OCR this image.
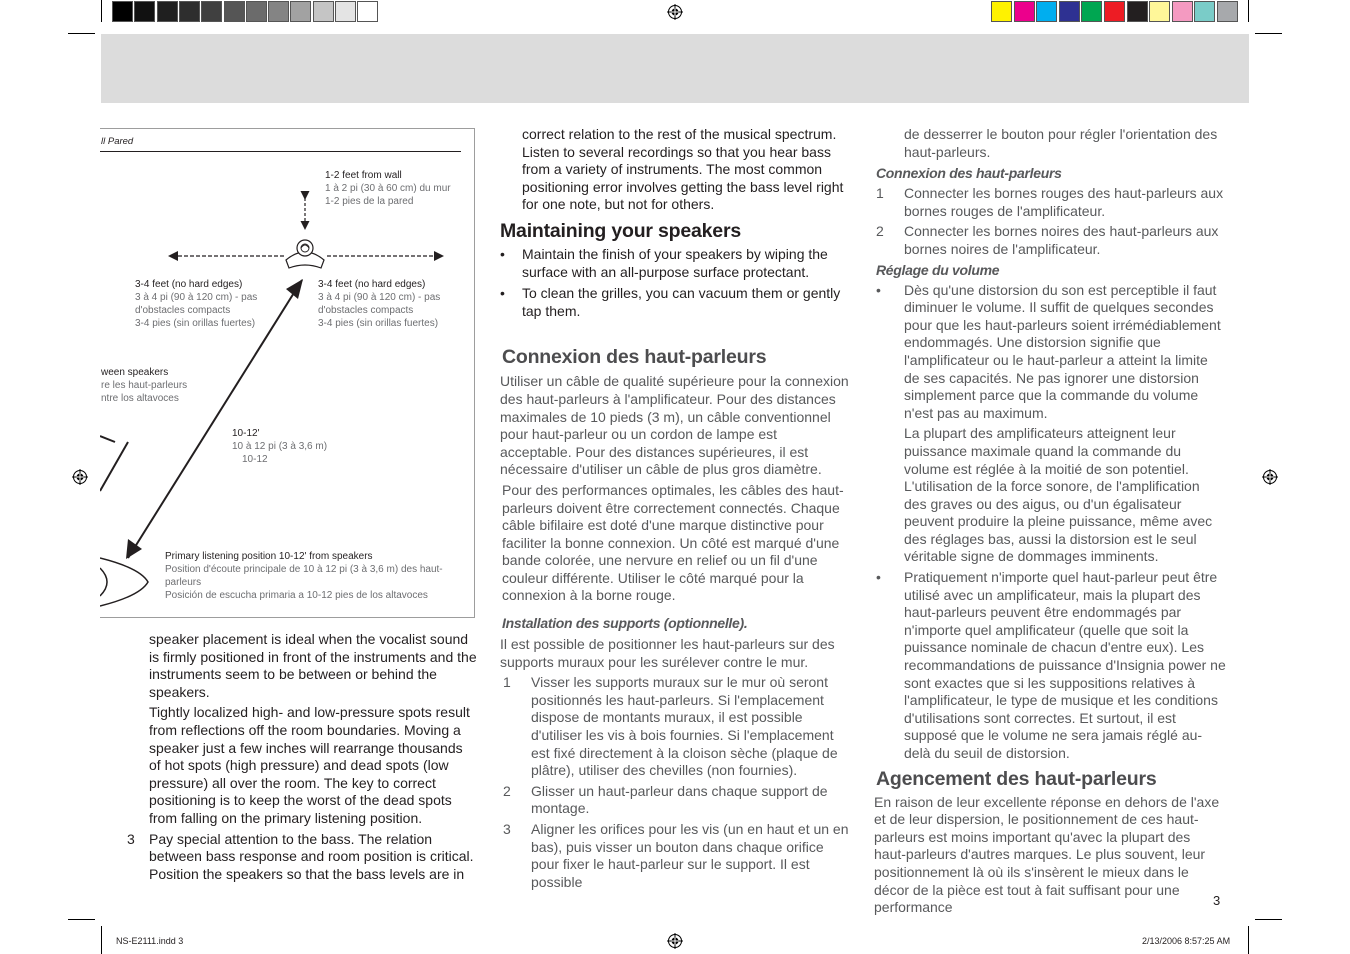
ll Pared
1-2 feet from wall
1 à 2 pi (30 à 60 cm) du mur
1-2 pies de la pared
3-4 feet (no hard edges)
3 à 4 pi (90 à 120 cm) - pas
d'obstacles compacts
3-4 pies (sin orillas fuertes)
3-4 feet (no hard edges)
3 à 4 pi (90 à 120 cm) - pas
d'obstacles compacts
3-4 pies (sin orillas fuertes)
ween speakers
re les haut-parleurs
ntre los altavoces
10-12'
10 à 12 pi (3 à 3,6 m)
10-12
Primary listening position 10-12' from speakers
Position d'écoute principale de 10 à 12 pi (3 à 3,6 m) des haut-
parleurs
Posición de escucha primaria a 10-12 pies de los altavoces

speaker placement is ideal when the vocalist sound is firmly positioned in front of the instruments and the instruments seem to be between or behind the speakers.

Tightly localized high- and low-pressure spots result from reflections off the room boundaries. Moving a speaker just a few inches will rearrange thousands of hot spots (high pressure) and dead spots (low pressure) all over the room. The key to correct positioning is to keep the worst of the dead spots from falling on the primary listening position.

3 Pay special attention to the bass. The relation between bass response and room position is critical. Position the speakers so that the bass levels are in

correct relation to the rest of the musical spectrum. Listen to several recordings so that you hear bass from a variety of instruments. The most common positioning error involves getting the bass level right for one note, but not for others.

Maintaining your speakers
• Maintain the finish of your speakers by wiping the surface with an all-purpose surface protectant.
• To clean the grilles, you can vacuum them or gently tap them.
Connexion des haut-parleurs

Utiliser un câble de qualité supérieure pour la connexion des haut-parleurs à l'amplificateur. Pour des distances maximales de 10 pieds (3 m), un câble conventionnel pour haut-parleur ou un cordon de lampe est acceptable. Pour des distances supérieures, il est nécessaire d'utiliser un câble de plus gros diamètre.

Pour des performances optimales, les câbles des haut-parleurs doivent être correctement connectés. Chaque câble bifilaire est doté d'une marque distinctive pour faciliter la bonne connexion. Un côté est marqué d'une bande colorée, une nervure en relief ou un fil d'une couleur différente. Utiliser le côté marqué pour la connexion à la borne rouge.

Installation des supports (optionnelle).

Il est possible de positionner les haut-parleurs sur des supports muraux pour les surélever contre le mur.

1 Visser les supports muraux sur le mur où seront positionnés les haut-parleurs. Si l'emplacement dispose de montants muraux, il est possible d'utiliser les vis à bois fournies. Si l'emplacement est fixé directement à la cloison sèche (plaque de plâtre), utiliser des chevilles (non fournies).
2 Glisser un haut-parleur dans chaque support de montage.
3 Aligner les orifices pour les vis (un en haut et un en bas), puis visser un bouton dans chaque orifice pour fixer le haut-parleur sur le support. Il est possible

de desserrer le bouton pour régler l'orientation des haut-parleurs.

Connexion des haut-parleurs
1 Connecter les bornes rouges des haut-parleurs aux bornes rouges de l'amplificateur.
2 Connecter les bornes noires des haut-parleurs aux bornes noires de l'amplificateur.
Réglage du volume
• Dès qu'une distorsion du son est perceptible il faut diminuer le volume. Il suffit de quelques secondes pour que les haut-parleurs soient irrémédiablement endommagés. Une distorsion signifie que l'amplificateur ou le haut-parleur a atteint la limite de ses capacités. Ne pas ignorer une distorsion simplement parce que la commande du volume n'est pas au maximum.

La plupart des amplificateurs atteignent leur puissance maximale quand la commande du volume est réglée à la moitié de son potentiel. L'utilisation de la force sonore, de l'amplification des graves ou des aigus, ou d'un égalisateur peuvent produire la pleine puissance, même avec des réglages bas, aussi la distorsion est le seul véritable signe de dommages imminents.

• Pratiquement n'importe quel haut-parleur peut être utilisé avec un amplificateur, mais la plupart des haut-parleurs peuvent être endommagés par n'importe quel amplificateur (quelle que soit la puissance nominale de chacun d'entre eux). Les recommandations de puissance d'Insignia power ne sont exactes que si les suppositions relatives à l'amplificateur, le type de musique et les conditions d'utilisations sont correctes. Et surtout, il est supposé que le volume ne sera jamais réglé au-delà du seuil de distorsion.
Agencement des haut-parleurs

En raison de leur excellente réponse en dehors de l'axe et de leur dispersion, le positionnement de ces haut-parleurs est moins important qu'avec la plupart des haut-parleurs d'autres marques. Le plus souvent, leur positionnement là où ils s'insèrent le mieux dans le décor de la pièce est tout à fait suffisant pour une performance	3
NS-E2111.indd 3	2/13/2006 8:57:25 AM
